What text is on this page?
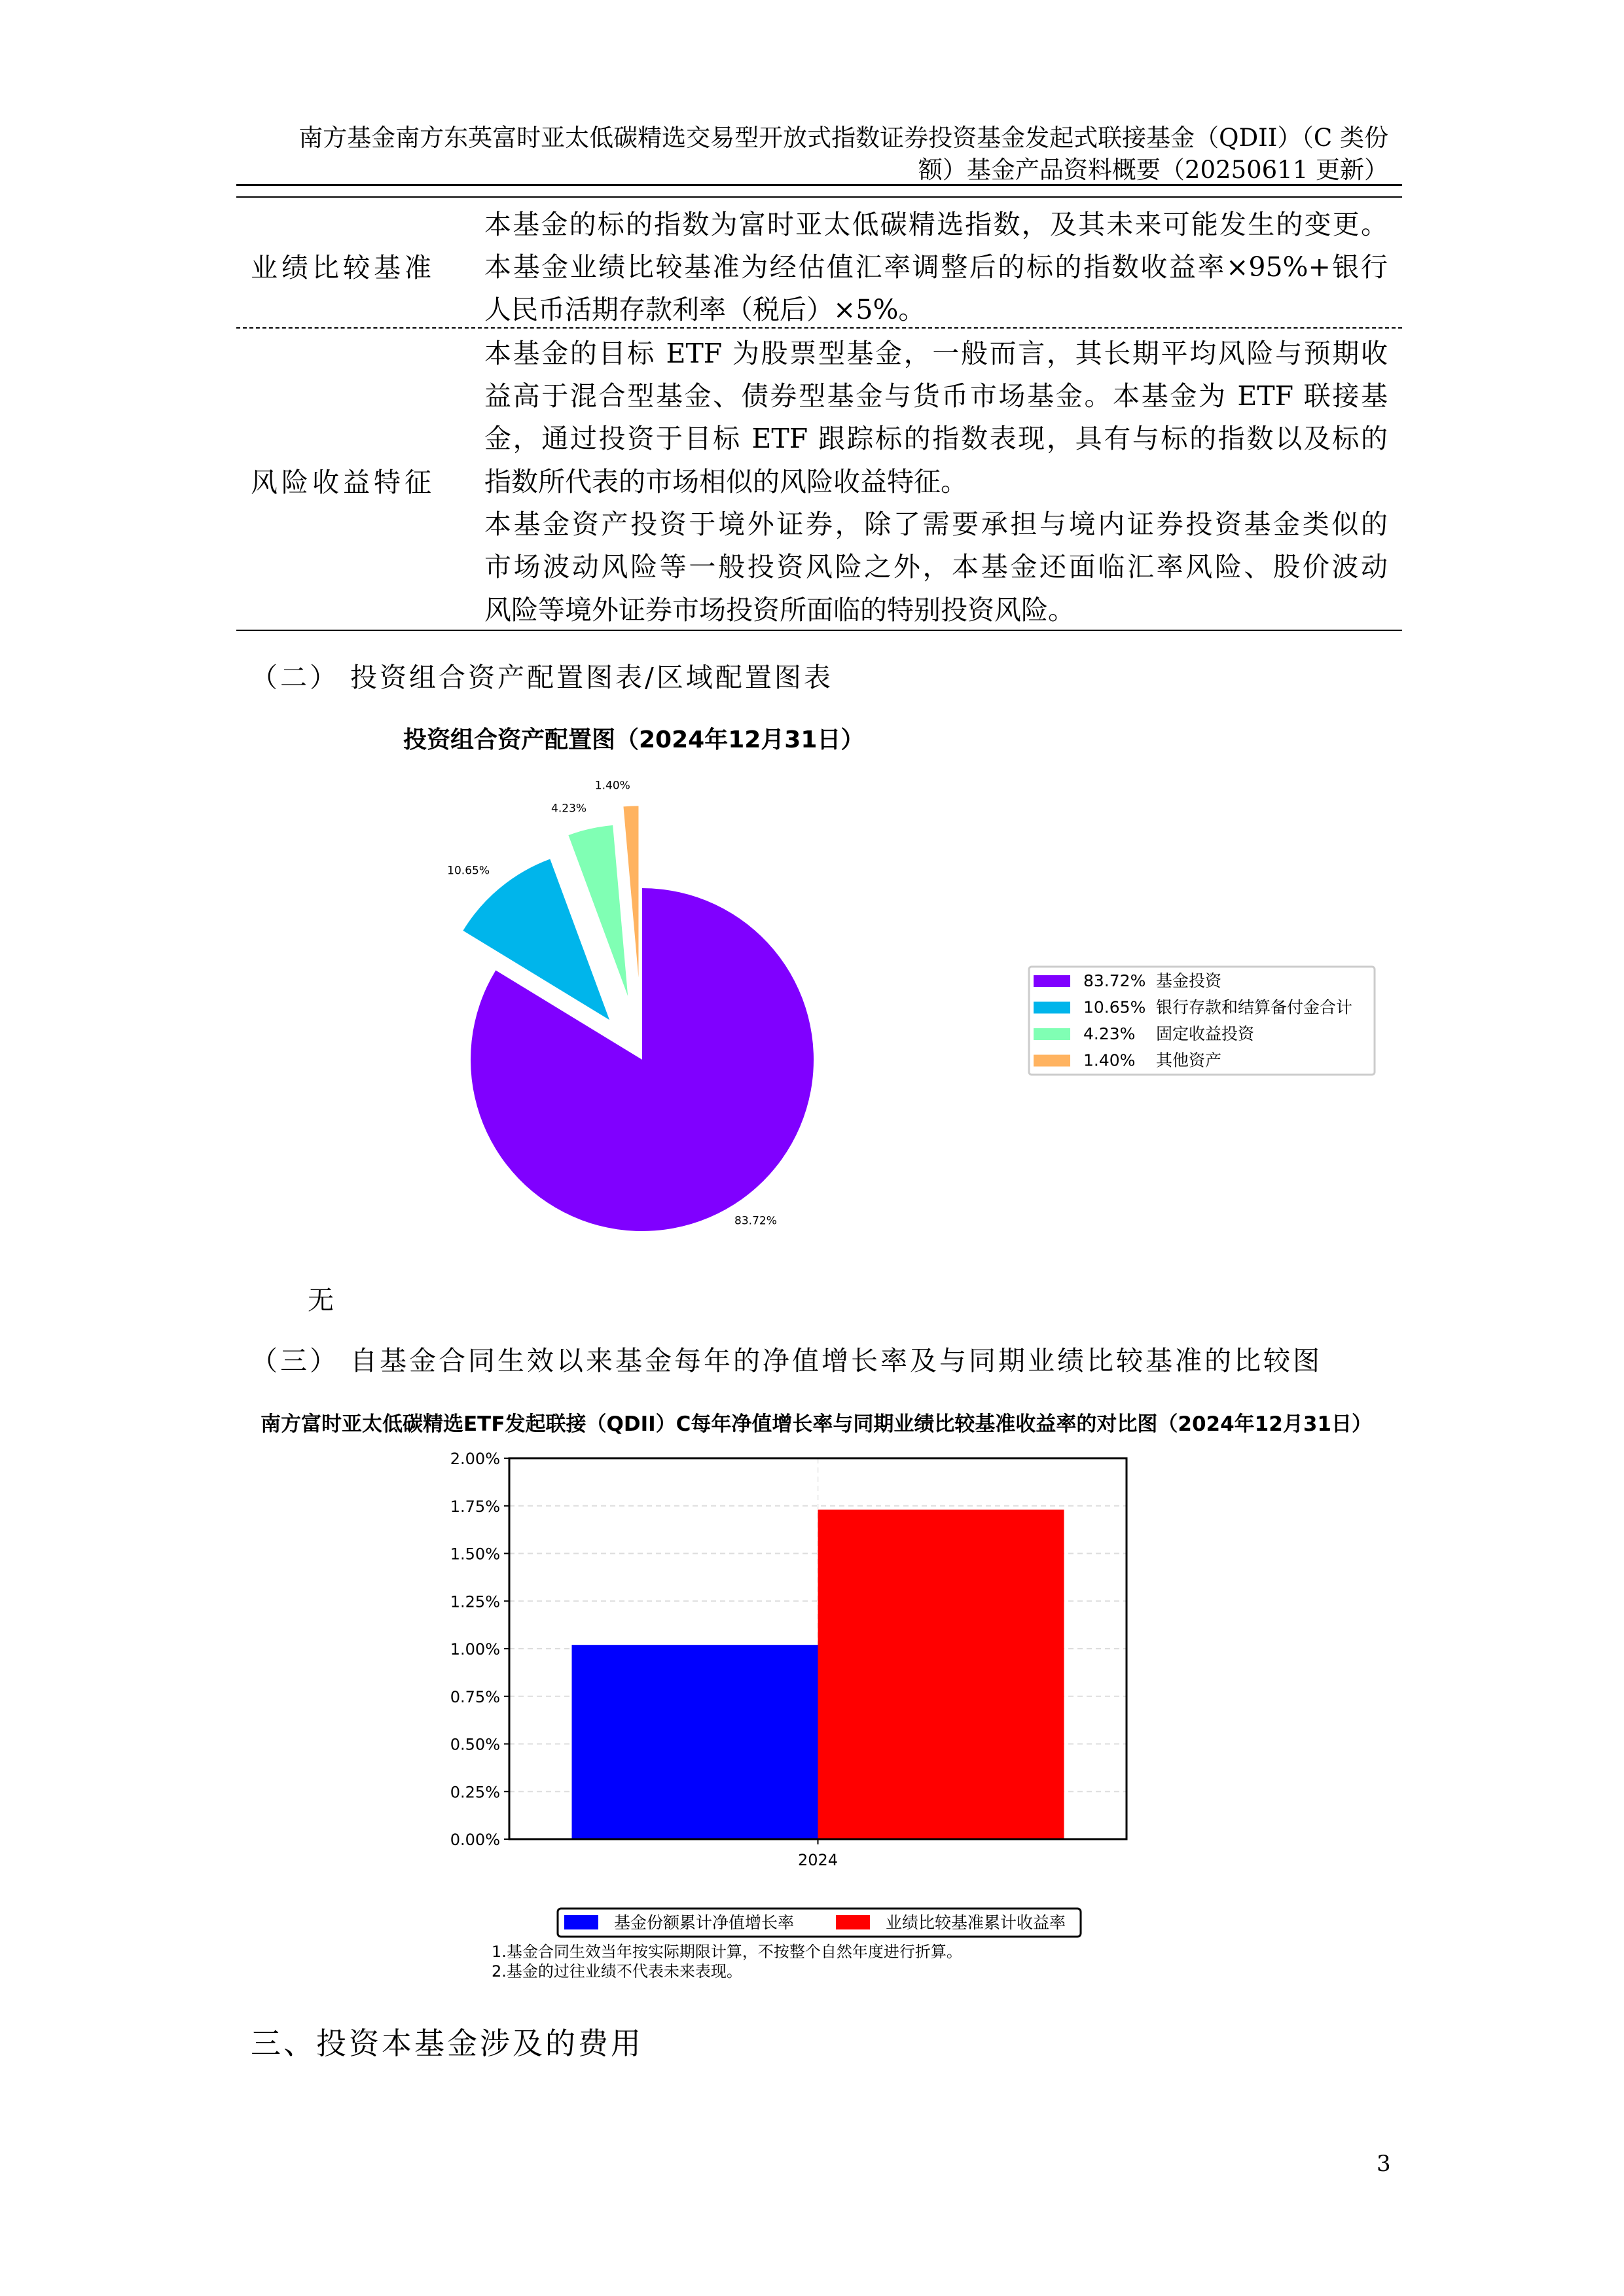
南方基金南方东英富时亚太低碳精选交易型开放式指数证券投资基金发起式联接基金（QDII）（C 类份
额）基金产品资料概要（20250611 更新）
业绩比较基准
本基金的标的指数为富时亚太低碳精选指数，及其未来可能发生的变更。
本基金业绩比较基准为经估值汇率调整后的标的指数收益率×95%+银行
人民币活期存款利率（税后）×5%。
风险收益特征
本基金的目标 ETF 为股票型基金，一般而言，其长期平均风险与预期收
益高于混合型基金、债券型基金与货币市场基金。本基金为 ETF 联接基
金，通过投资于目标 ETF 跟踪标的指数表现，具有与标的指数以及标的
指数所代表的市场相似的风险收益特征。
本基金资产投资于境外证券，除了需要承担与境内证券投资基金类似的
市场波动风险等一般投资风险之外，本基金还面临汇率风险、股价波动
风险等境外证券市场投资所面临的特别投资风险。
（二） 投资组合资产配置图表/区域配置图表
投资组合资产配置图（2024年12月31日）
83.72%
10.65%
4.23%
1.40%
83.72% 基金投资
10.65% 银行存款和结算备付金合计
4.23% 固定收益投资
1.40% 其他资产
无
（三） 自基金合同生效以来基金每年的净值增长率及与同期业绩比较基准的比较图
南方富时亚太低碳精选ETF发起联接（QDII）C每年净值增长率与同期业绩比较基准收益率的对比图（2024年12月31日）
0.00%
0.25%
0.50%
0.75%
1.00%
1.25%
1.50%
1.75%
2.00%
2024
基金份额累计净值增长率	业绩比较基准累计收益率
1.基金合同生效当年按实际期限计算，不按整个自然年度进行折算。
2.基金的过往业绩不代表未来表现。
三、投资本基金涉及的费用
3
